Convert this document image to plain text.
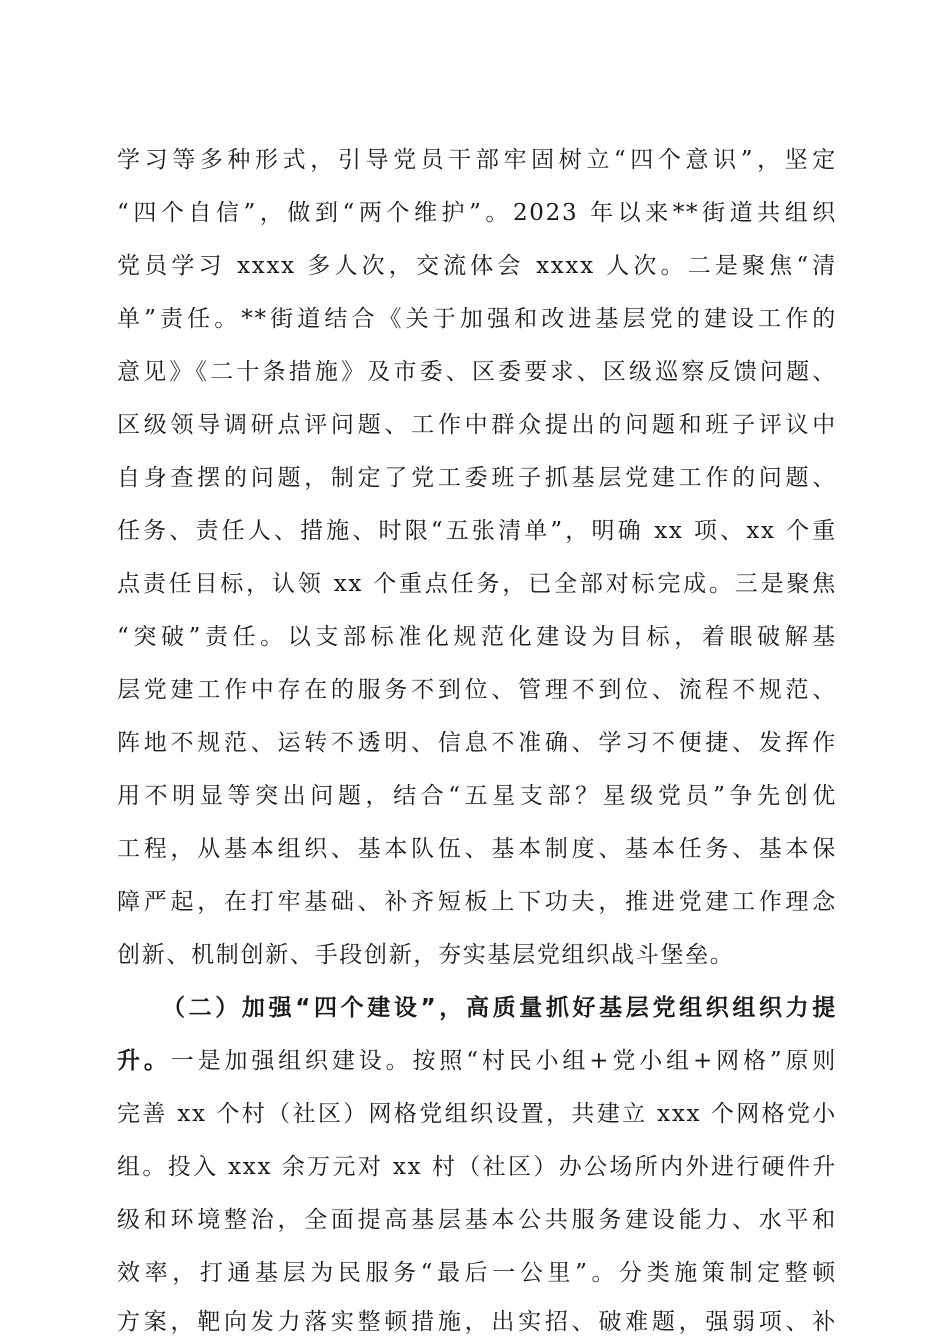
学习等多种形式，引导党员干部牢固树立“四个意识”，坚定
“四个自信”，做到“两个维护”。2023 年以来**街道共组织
党员学习 xxxx 多人次，交流体会 xxxx 人次。二是聚焦“清
单”责任。**街道结合《关于加强和改进基层党的建设工作的
意见》《二十条措施》及市委、区委要求、区级巡察反馈问题、
区级领导调研点评问题、工作中群众提出的问题和班子评议中
自身查摆的问题，制定了党工委班子抓基层党建工作的问题、
任务、责任人、措施、时限“五张清单”，明确 xx 项、xx 个重
点责任目标，认领 xx 个重点任务，已全部对标完成。三是聚焦
“突破”责任。以支部标准化规范化建设为目标，着眼破解基
层党建工作中存在的服务不到位、管理不到位、流程不规范、
阵地不规范、运转不透明、信息不准确、学习不便捷、发挥作
用不明显等突出问题，结合“五星支部？星级党员”争先创优
工程，从基本组织、基本队伍、基本制度、基本任务、基本保
障严起，在打牢基础、补齐短板上下功夫，推进党建工作理念
创新、机制创新、手段创新，夯实基层党组织战斗堡垒。
（二）加强“四个建设”，高质量抓好基层党组织组织力提
升。一是加强组织建设。按照“村民小组+党小组+网格”原则
完善 xx 个村（社区）网格党组织设置，共建立 xxx 个网格党小
组。投入 xxx 余万元对 xx 村（社区）办公场所内外进行硬件升
级和环境整治，全面提高基层基本公共服务建设能力、水平和
效率，打通基层为民服务“最后一公里”。分类施策制定整顿
方案，靶向发力落实整顿措施，出实招、破难题，强弱项、补
